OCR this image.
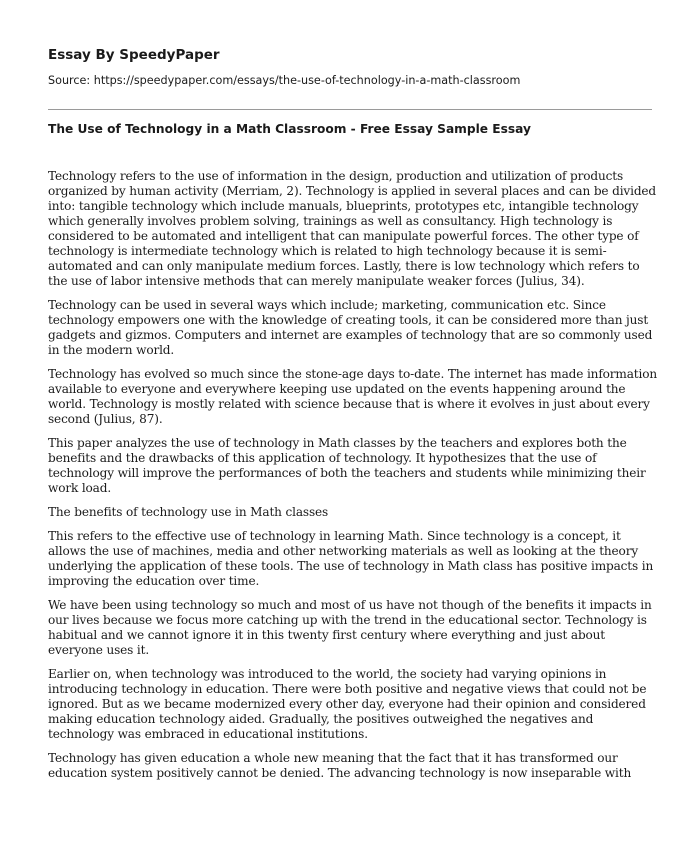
Essay By SpeedyPaper
Source: https://speedypaper.com/essays/the-use-of-technology-in-a-math-classroom
The Use of Technology in a Math Classroom - Free Essay Sample Essay

Technology refers to the use of information in the design, production and utilization of products organized by human activity (Merriam, 2). Technology is applied in several places and can be divided into: tangible technology which include manuals, blueprints, prototypes etc, intangible technology which generally involves problem solving, trainings as well as consultancy. High technology is considered to be automated and intelligent that can manipulate powerful forces. The other type of technology is intermediate technology which is related to high technology because it is semi-automated and can only manipulate medium forces. Lastly, there is low technology which refers to the use of labor intensive methods that can merely manipulate weaker forces (Julius, 34).

Technology can be used in several ways which include; marketing, communication etc. Since technology empowers one with the knowledge of creating tools, it can be considered more than just gadgets and gizmos. Computers and internet are examples of technology that are so commonly used in the modern world.

Technology has evolved so much since the stone-age days to-date. The internet has made information available to everyone and everywhere keeping use updated on the events happening around the world. Technology is mostly related with science because that is where it evolves in just about every second (Julius, 87).

This paper analyzes the use of technology in Math classes by the teachers and explores both the benefits and the drawbacks of this application of technology. It hypothesizes that the use of technology will improve the performances of both the teachers and students while minimizing their work load.

The benefits of technology use in Math classes

This refers to the effective use of technology in learning Math. Since technology is a concept, it allows the use of machines, media and other networking materials as well as looking at the theory underlying the application of these tools. The use of technology in Math class has positive impacts in improving the education over time.

We have been using technology so much and most of us have not though of the benefits it impacts in our lives because we focus more catching up with the trend in the educational sector. Technology is habitual and we cannot ignore it in this twenty first century where everything and just about everyone uses it.

Earlier on, when technology was introduced to the world, the society had varying opinions in introducing technology in education. There were both positive and negative views that could not be ignored. But as we became modernized every other day, everyone had their opinion and considered making education technology aided. Gradually, the positives outweighed the negatives and technology was embraced in educational institutions.

Technology has given education a whole new meaning that the fact that it has transformed our education system positively cannot be denied. The advancing technology is now inseparable with
